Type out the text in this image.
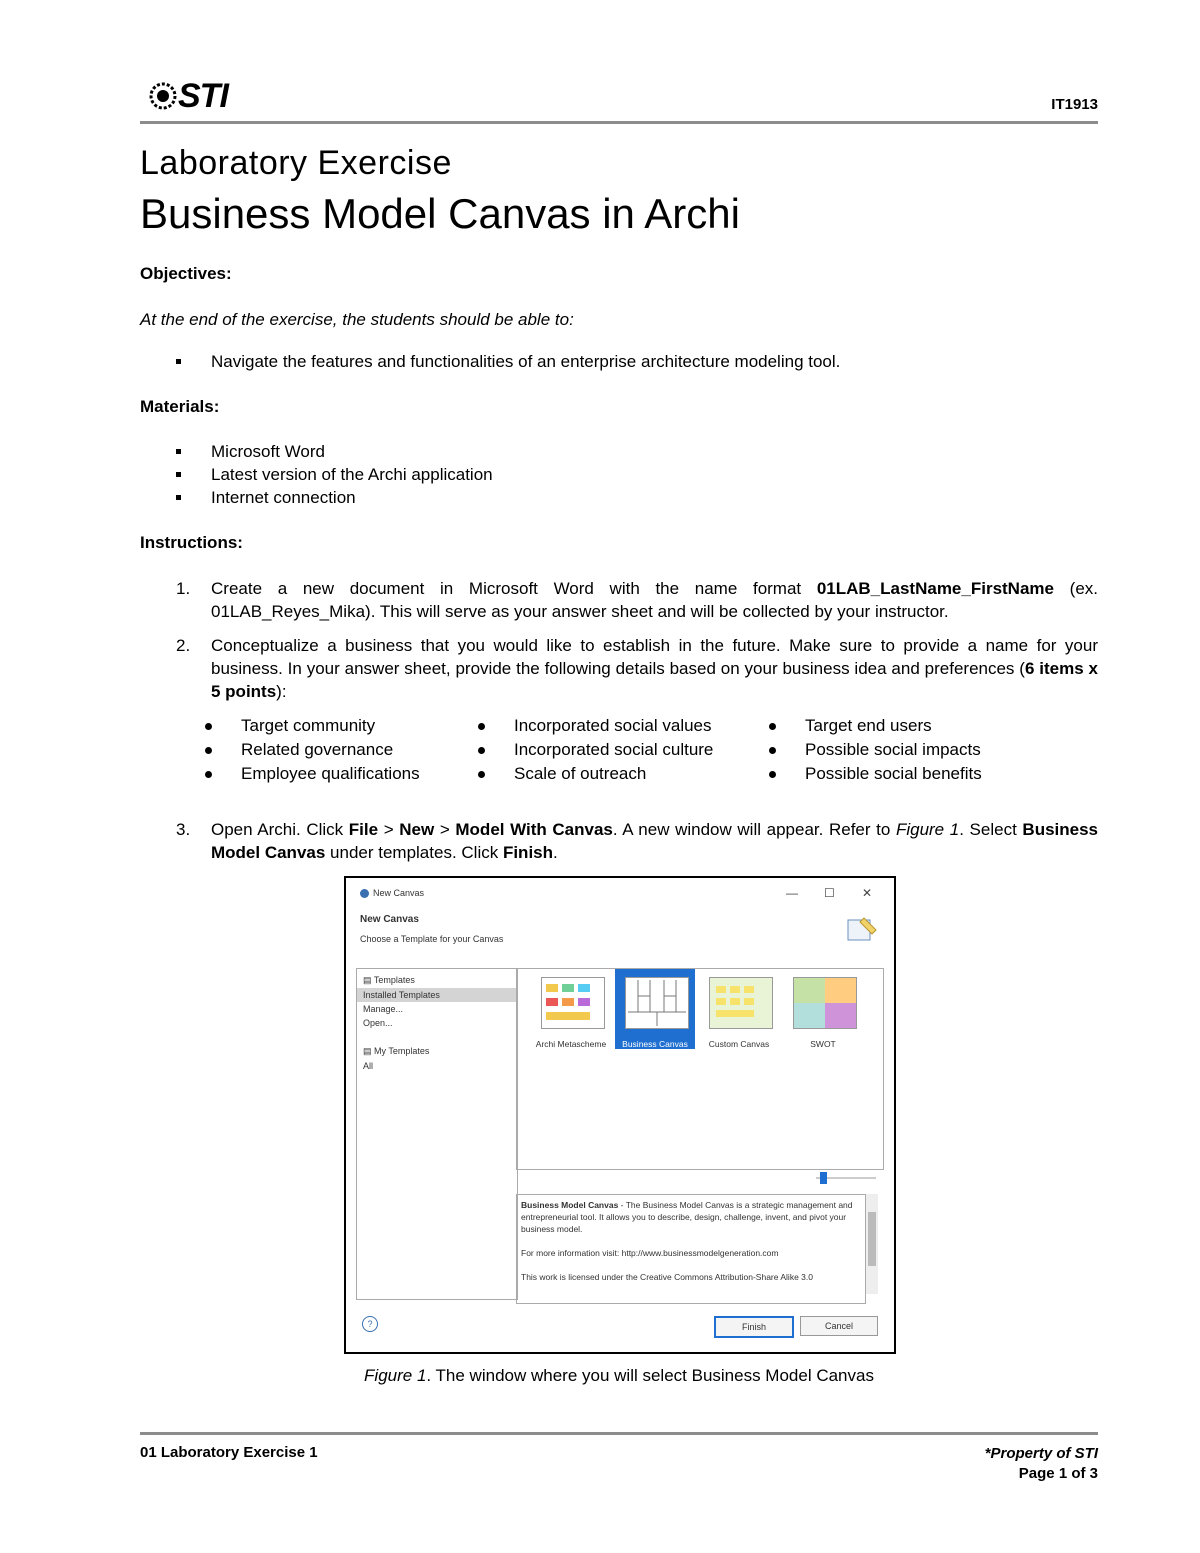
STI	IT1913
Laboratory Exercise
Business Model Canvas in Archi
Objectives:
At the end of the exercise, the students should be able to:
Navigate the features and functionalities of an enterprise architecture modeling tool.
Materials:
Microsoft Word
Latest version of the Archi application
Internet connection
Instructions:
1. Create a new document in Microsoft Word with the name format 01LAB_LastName_FirstName (ex. 01LAB_Reyes_Mika). This will serve as your answer sheet and will be collected by your instructor.
2. Conceptualize a business that you would like to establish in the future. Make sure to provide a name for your business. In your answer sheet, provide the following details based on your business idea and preferences (6 items x 5 points):
Target community	Incorporated social values	Target end users
Related governance	Incorporated social culture	Possible social impacts
Employee qualifications	Scale of outreach	Possible social benefits
3. Open Archi. Click File > New > Model With Canvas. A new window will appear. Refer to Figure 1. Select Business Model Canvas under templates. Click Finish.
New Canvas	— ☐ ✕
New Canvas
Choose a Template for your Canvas
▤ Templates
Installed Templates
Manage...
Open...
▤ My Templates
All
Archi Metascheme	Business Canvas	Custom Canvas	SWOT
Business Model Canvas - The Business Model Canvas is a strategic management and entrepreneurial tool. It allows you to describe, design, challenge, invent, and pivot your business model.

For more information visit: http://www.businessmodelgeneration.com

This work is licensed under the Creative Commons Attribution-Share Alike 3.0
?	Finish	Cancel
Figure 1. The window where you will select Business Model Canvas
01 Laboratory Exercise 1	*Property of STI
Page 1 of 3
